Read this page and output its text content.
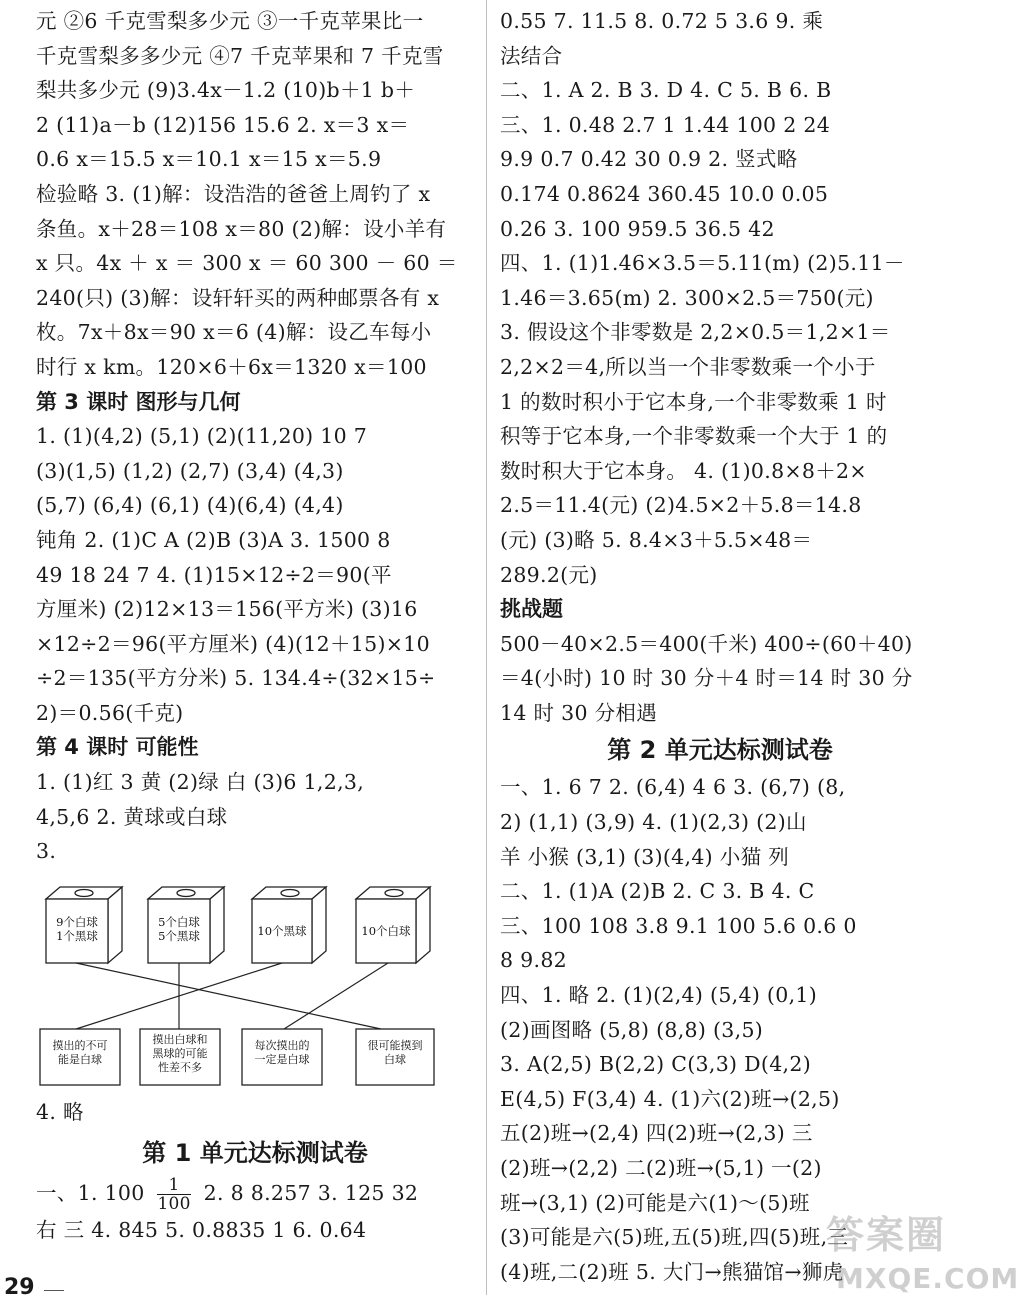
元 ②6 千克雪梨多少元 ③一千克苹果比一
千克雪梨多多少元 ④7 千克苹果和 7 千克雪
梨共多少元 (9)3.4x－1.2 (10)b＋1 b＋
2 (11)a－b (12)156 15.6 2. x＝3 x＝
0.6 x＝15.5 x＝10.1 x＝15 x＝5.9
检验略 3. (1)解：设浩浩的爸爸上周钓了 x
条鱼。x＋28＝108 x＝80 (2)解：设小羊有
x 只。4x ＋ x ＝ 300 x ＝ 60 300 － 60 ＝
240(只) (3)解：设轩轩买的两种邮票各有 x
枚。7x＋8x＝90 x＝6 (4)解：设乙车每小
时行 x km。120×6＋6x＝1320 x＝100
第 3 课时 图形与几何
1. (1)(4,2) (5,1) (2)(11,20) 10 7
(3)(1,5) (1,2) (2,7) (3,4) (4,3)
(5,7) (6,4) (6,1) (4)(6,4) (4,4)
钝角 2. (1)C A (2)B (3)A 3. 1500 8
49 18 24 7 4. (1)15×12÷2＝90(平
方厘米) (2)12×13＝156(平方米) (3)16
×12÷2＝96(平方厘米) (4)(12＋15)×10
÷2＝135(平方分米) 5. 134.4÷(32×15÷
2)＝0.56(千克)
第 4 课时 可能性
1. (1)红 3 黄 (2)绿 白 (3)6 1,2,3,
4,5,6 2. 黄球或白球
3.
9个白球
1个黑球
5个白球
5个黑球	10个黑球	10个白球
摸出的不可
能是白球
摸出白球和
黑球的可能
性差不多
每次摸出的
一定是白球
很可能摸到
白球
4. 略
第 1 单元达标测试卷
一、1. $100 \frac{1}{100} 2$. 8 8.257 3. 125 32
右 三 4. 845 5. 0.8835 1 6. 0.64
0.55 7. 11.5 8. 0.72 5 3.6 9. 乘
法结合
二、1. A 2. B 3. D 4. C 5. B 6. B
三、1. 0.48 2.7 1 1.44 100 2 24
9.9 0.7 0.42 30 0.9 2. 竖式略
0.174 0.8624 360.45 10.0 0.05
0.26 3. 100 959.5 36.5 42
四、1. (1)1.46×3.5＝5.11(m) (2)5.11－
1.46＝3.65(m) 2. 300×2.5＝750(元)
3. 假设这个非零数是 2,2×0.5＝1,2×1＝
2,2×2＝4,所以当一个非零数乘一个小于
1 的数时积小于它本身,一个非零数乘 1 时
积等于它本身,一个非零数乘一个大于 1 的
数时积大于它本身。 4. (1)0.8×8＋2×
2.5＝11.4(元) (2)4.5×2＋5.8＝14.8
(元) (3)略 5. 8.4×3＋5.5×48＝
289.2(元)
挑战题
500－40×2.5＝400(千米) 400÷(60＋40)
＝4(小时) 10 时 30 分＋4 时＝14 时 30 分
14 时 30 分相遇
第 2 单元达标测试卷
一、1. 6 7 2. (6,4) 4 6 3. (6,7) (8,
2) (1,1) (3,9) 4. (1)(2,3) (2)山
羊 小猴 (3,1) (3)(4,4) 小猫 列
二、1. (1)A (2)B 2. C 3. B 4. C
三、100 108 3.8 9.1 100 5.6 0.6 0
8 9.82
四、1. 略 2. (1)(2,4) (5,4) (0,1)
(2)画图略 (5,8) (8,8) (3,5)
3. A(2,5) B(2,2) C(3,3) D(4,2)
E(4,5) F(3,4) 4. (1)六(2)班→(2,5)
五(2)班→(2,4) 四(2)班→(2,3) 三
(2)班→(2,2) 二(2)班→(5,1) 一(2)
班→(3,1) (2)可能是六(1)～(5)班
(3)可能是六(5)班,五(5)班,四(5)班,三
(4)班,二(2)班 5. 大门→熊猫馆→狮虎
29
答案圈
MXQE.COM
